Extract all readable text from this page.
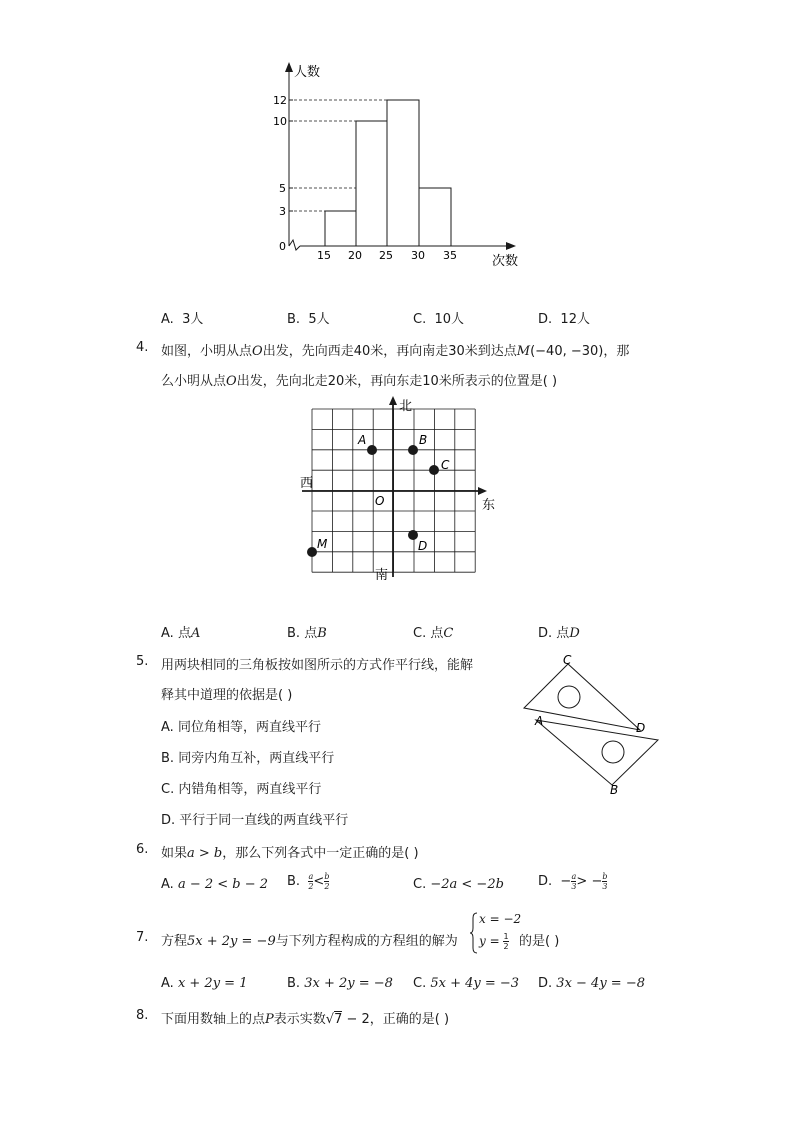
人数
12
10
5
3
0
15 20 25 30 35	次数
A. 3人	B. 5人	C. 10人	D. 12人
4. 如图，小明从点O出发，先向西走40米，再向南走30米到达点M(−40, −30)，那
么小明从点O出发，先向北走20米，再向东走10米所表示的位置是( )
北
南
西
东
O
A	B
C
D
M
A. 点A	B. 点B	C. 点C	D. 点D
5. 用两块相同的三角板按如图所示的方式作平行线，能解
释其中道理的依据是( )
A. 同位角相等，两直线平行
B. 同旁内角互补，两直线平行
C. 内错角相等，两直线平行
D. 平行于同一直线的两直线平行
C
A	D
B
6. 如果a > b，那么下列各式中一定正确的是( )
A. a − 2 < b − 2 B. $\frac{a}{2} < \frac{b}{2}$	C. −2a < −2b	D. − $\frac{a}{3}$ > − $\frac{b}{3}$
7. 方程5x + 2y = −9与下列方程构成的方程组的解为
x = −2
$y = \frac{1}{2}$ 的是( )
A. x + 2y = 1	B. 3x + 2y = −8 C. 5x + 4y = −3 D. 3x − 4y = −8
8. 下面用数轴上的点P表示实数√7 − 2，正确的是( )
